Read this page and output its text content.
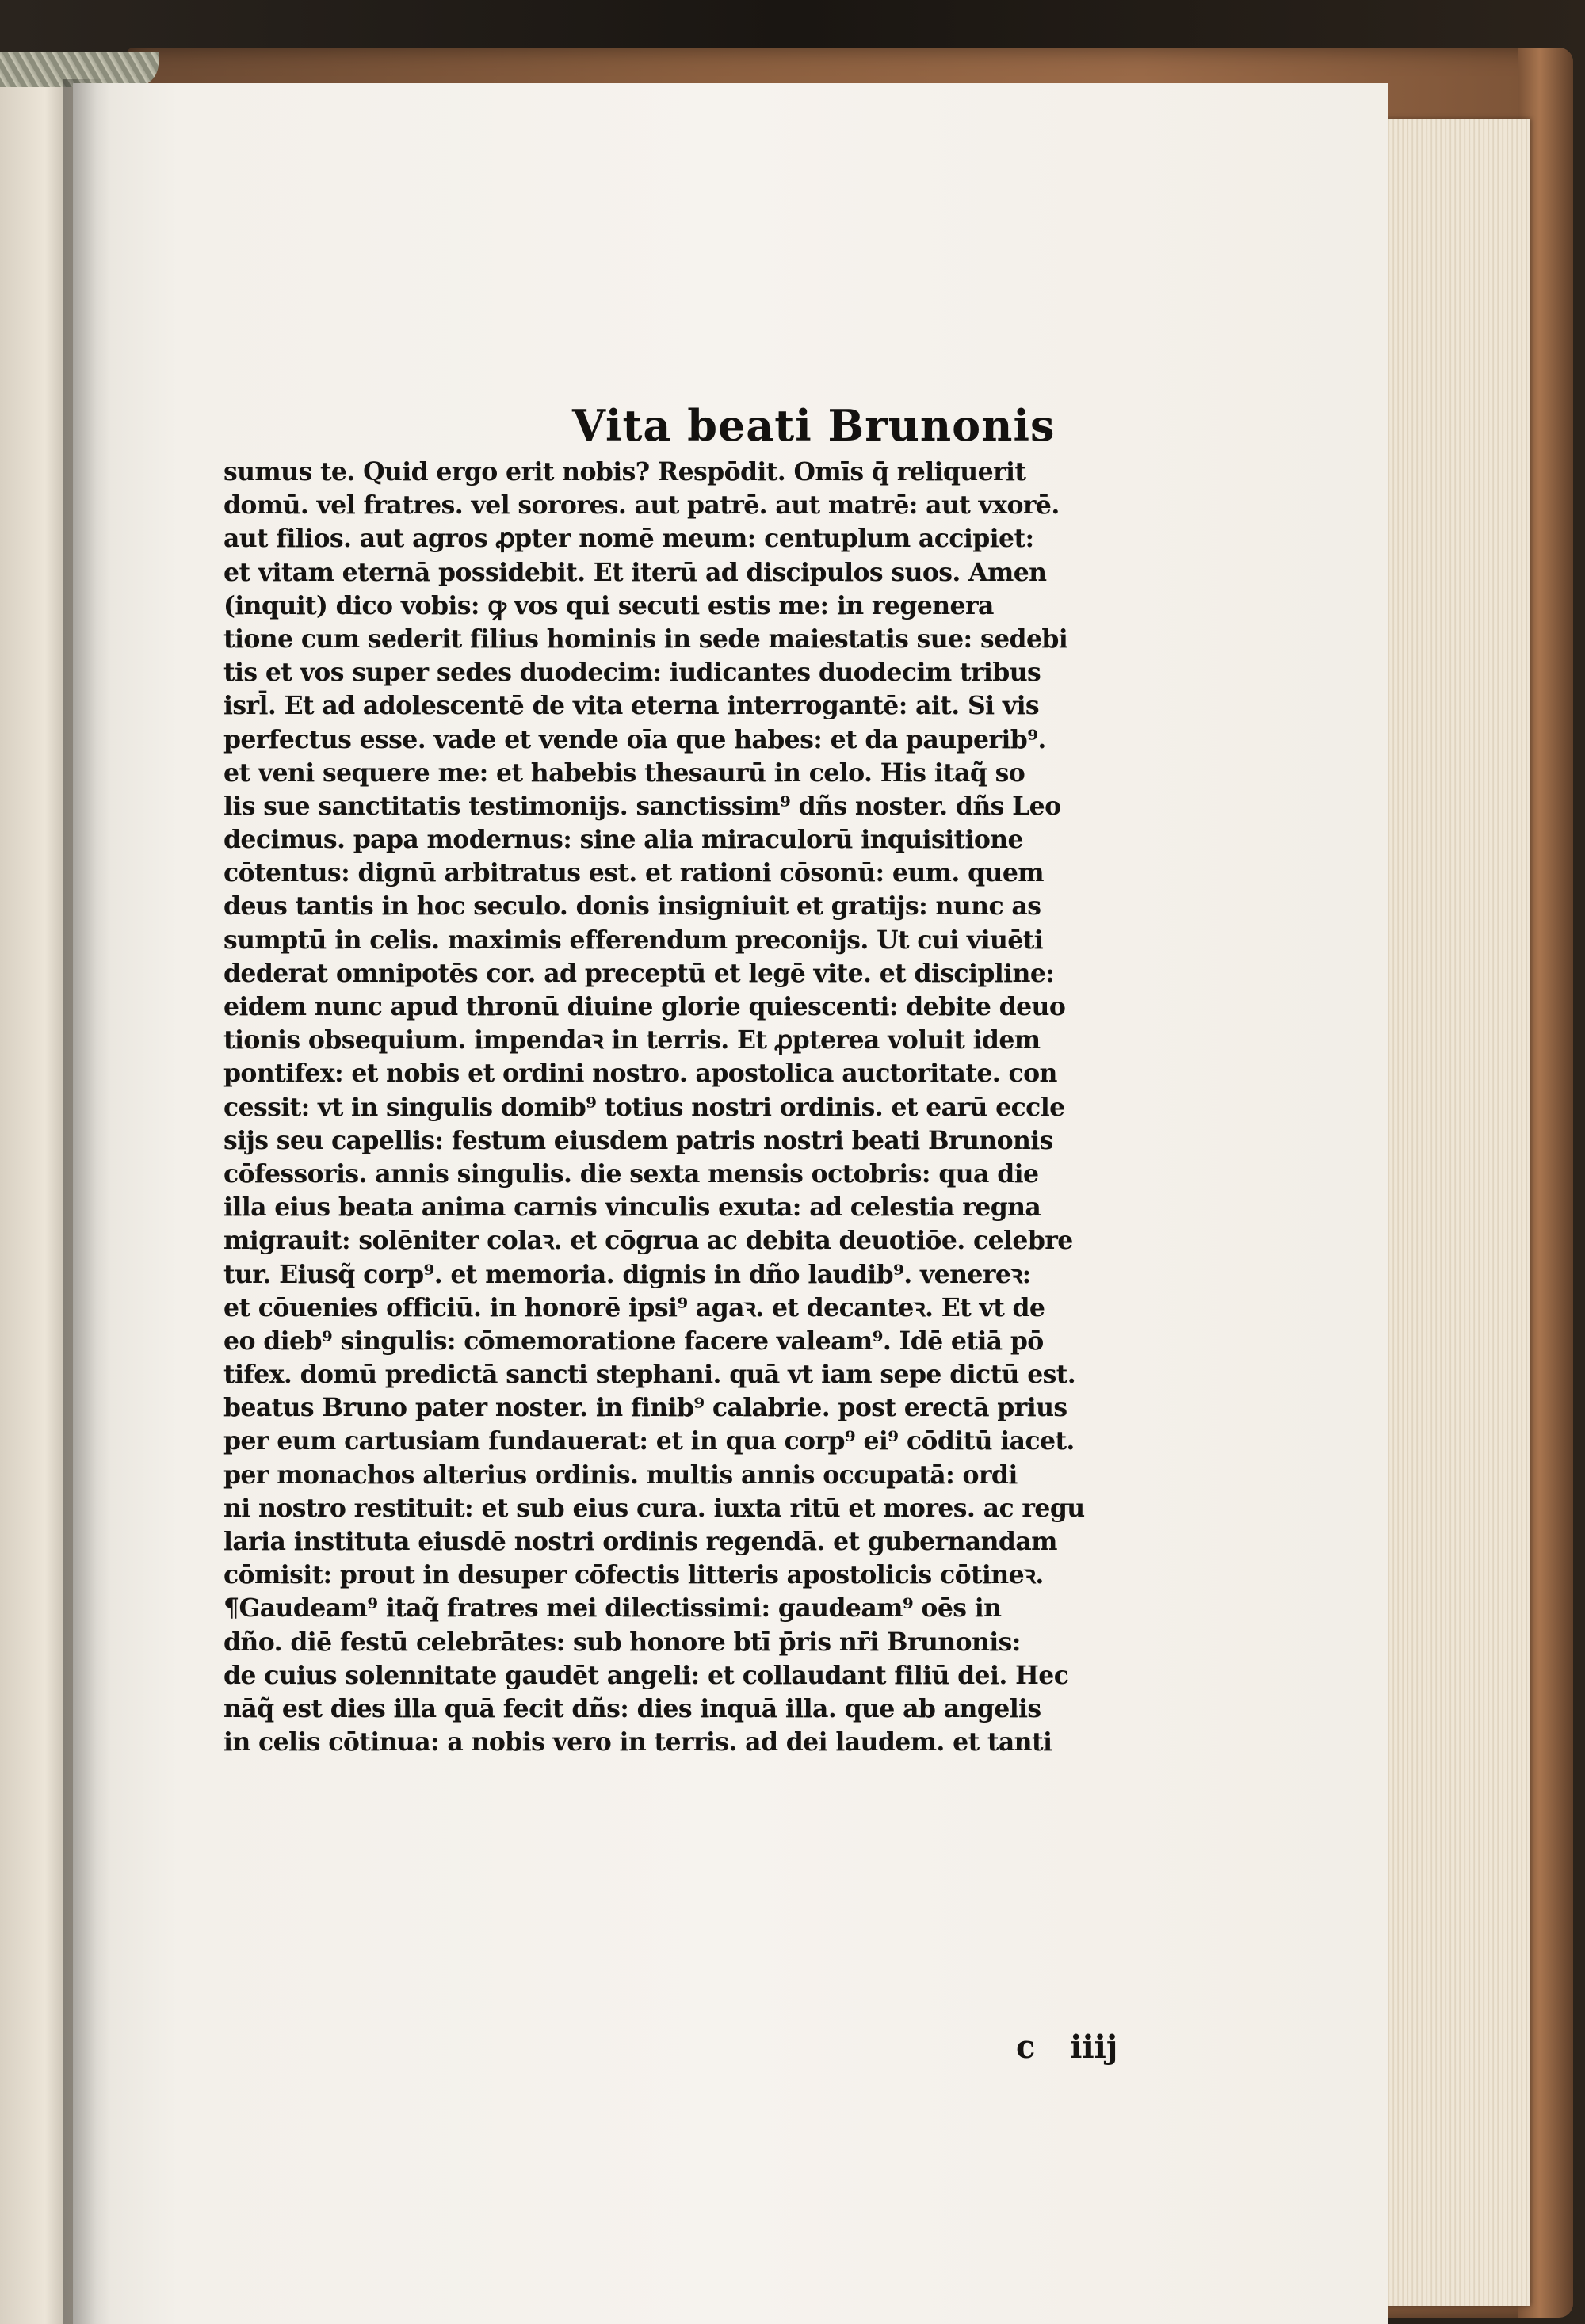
Vita beati Brunonis
sumus te. Quid ergo erit nobis? Respōdit. Omīs q̄ reliquerit
domū. vel fratres. vel sorores. aut patrē. aut matrē: aut vxorē.
aut filios. aut agros ꝓpter nomē meum: centuplum accipiet:
et vitam eternā possidebit. Et iterū ad discipulos suos. Amen
(inquit) dico vobis: ꝙ vos qui secuti estis me: in regenera
tione cum sederit filius hominis in sede maiestatis sue: sedebi
tis et vos super sedes duodecim: iudicantes duodecim tribus
isrl̄. Et ad adolescentē de vita eterna interrogantē: ait. Si vis
perfectus esse. vade et vende oīa que habes: et da pauperib⁹.
et veni sequere me: et habebis thesaurū in celo. His itaq̃ so
lis sue sanctitatis testimonijs. sanctissim⁹ dñs noster. dñs Leo
decimus. papa modernus: sine alia miraculorū inquisitione
cōtentus: dignū arbitratus est. et rationi cōsonū: eum. quem
deus tantis in hoc seculo. donis insigniuit et gratijs: nunc as
sumptū in celis. maximis efferendum preconijs. Ut cui viuēti
dederat omnipotēs cor. ad preceptū et legē vite. et discipline:
eidem nunc apud thronū diuine glorie quiescenti: debite deuo
tionis obsequium. impendaꝛ in terris. Et ꝓpterea voluit idem
pontifex: et nobis et ordini nostro. apostolica auctoritate. con
cessit: vt in singulis domib⁹ totius nostri ordinis. et earū eccle
sijs seu capellis: festum eiusdem patris nostri beati Brunonis
cōfessoris. annis singulis. die sexta mensis octobris: qua die
illa eius beata anima carnis vinculis exuta: ad celestia regna
migrauit: solēniter colaꝛ. et cōgrua ac debita deuotiōe. celebre
tur. Eiusq̃ corp⁹. et memoria. dignis in dño laudib⁹. venereꝛ:
et cōuenies officiū. in honorē ipsi⁹ agaꝛ. et decanteꝛ. Et vt de
eo dieb⁹ singulis: cōmemoratione facere valeam⁹. Idē etiā pō
tifex. domū predictā sancti stephani. quā vt iam sepe dictū est.
beatus Bruno pater noster. in finib⁹ calabrie. post erectā prius
per eum cartusiam fundauerat: et in qua corp⁹ ei⁹ cōditū iacet.
per monachos alterius ordinis. multis annis occupatā: ordi
ni nostro restituit: et sub eius cura. iuxta ritū et mores. ac regu
laria instituta eiusdē nostri ordinis regendā. et gubernandam
cōmisit: prout in desuper cōfectis litteris apostolicis cōtineꝛ.
¶Gaudeam⁹ itaq̃ fratres mei dilectissimi: gaudeam⁹ oēs in
dño. diē festū celebrātes: sub honore btī p̄ris nr̄i Brunonis:
de cuius solennitate gaudēt angeli: et collaudant filiū dei. Hec
nāq̃ est dies illa quā fecit dñs: dies inquā illa. que ab angelis
in celis cōtinua: a nobis vero in terris. ad dei laudem. et tanti

c iiij
